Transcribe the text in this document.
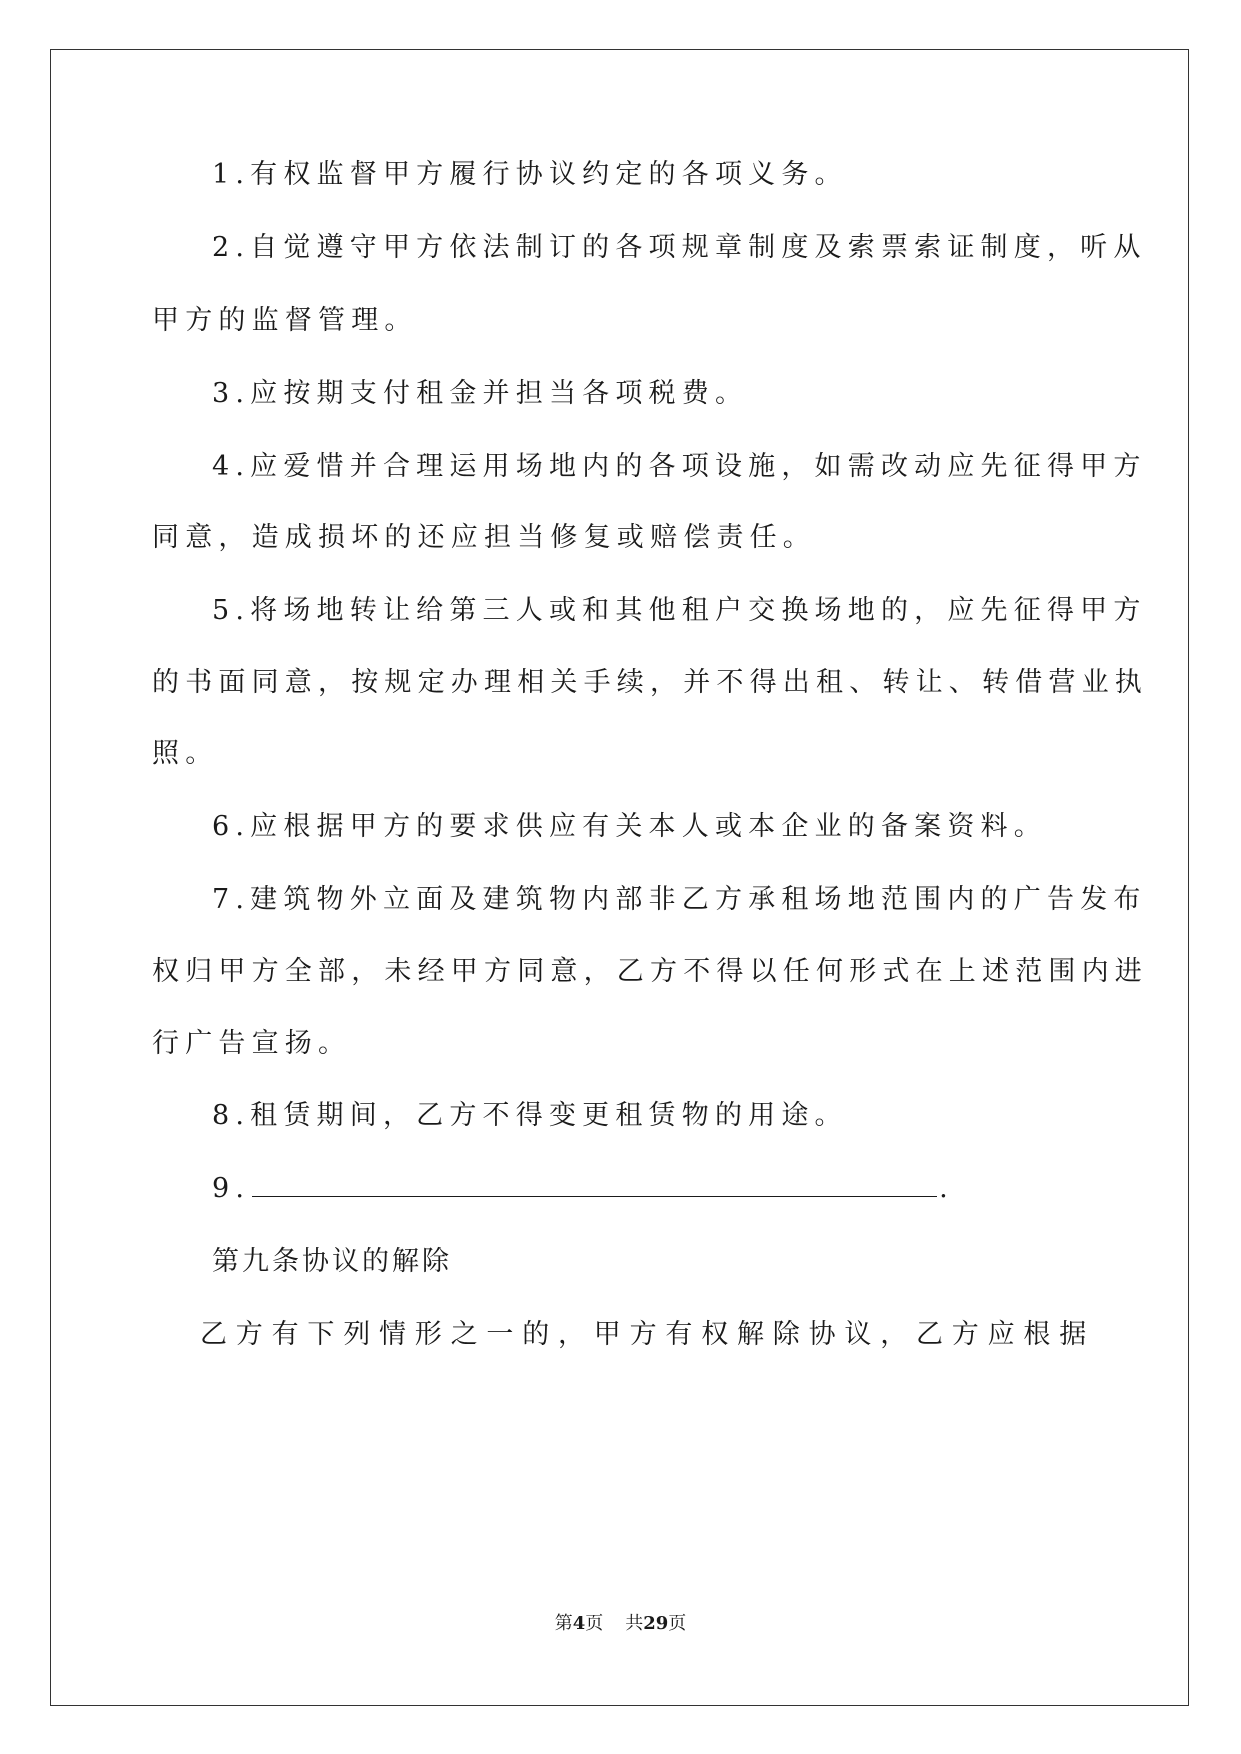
1.有权监督甲方履行协议约定的各项义务。
2.自觉遵守甲方依法制订的各项规章制度及索票索证制度，听从
甲方的监督管理。
3.应按期支付租金并担当各项税费。
4.应爱惜并合理运用场地内的各项设施，如需改动应先征得甲方
同意，造成损坏的还应担当修复或赔偿责任。
5.将场地转让给第三人或和其他租户交换场地的，应先征得甲方
的书面同意，按规定办理相关手续，并不得出租、转让、转借营业执
照。
6.应根据甲方的要求供应有关本人或本企业的备案资料。
7.建筑物外立面及建筑物内部非乙方承租场地范围内的广告发布
权归甲方全部，未经甲方同意，乙方不得以任何形式在上述范围内进
行广告宣扬。
8.租赁期间，乙方不得变更租赁物的用途。
9.	.
第九条协议的解除
乙方有下列情形之一的，甲方有权解除协议，乙方应根据
第4页 共29页
